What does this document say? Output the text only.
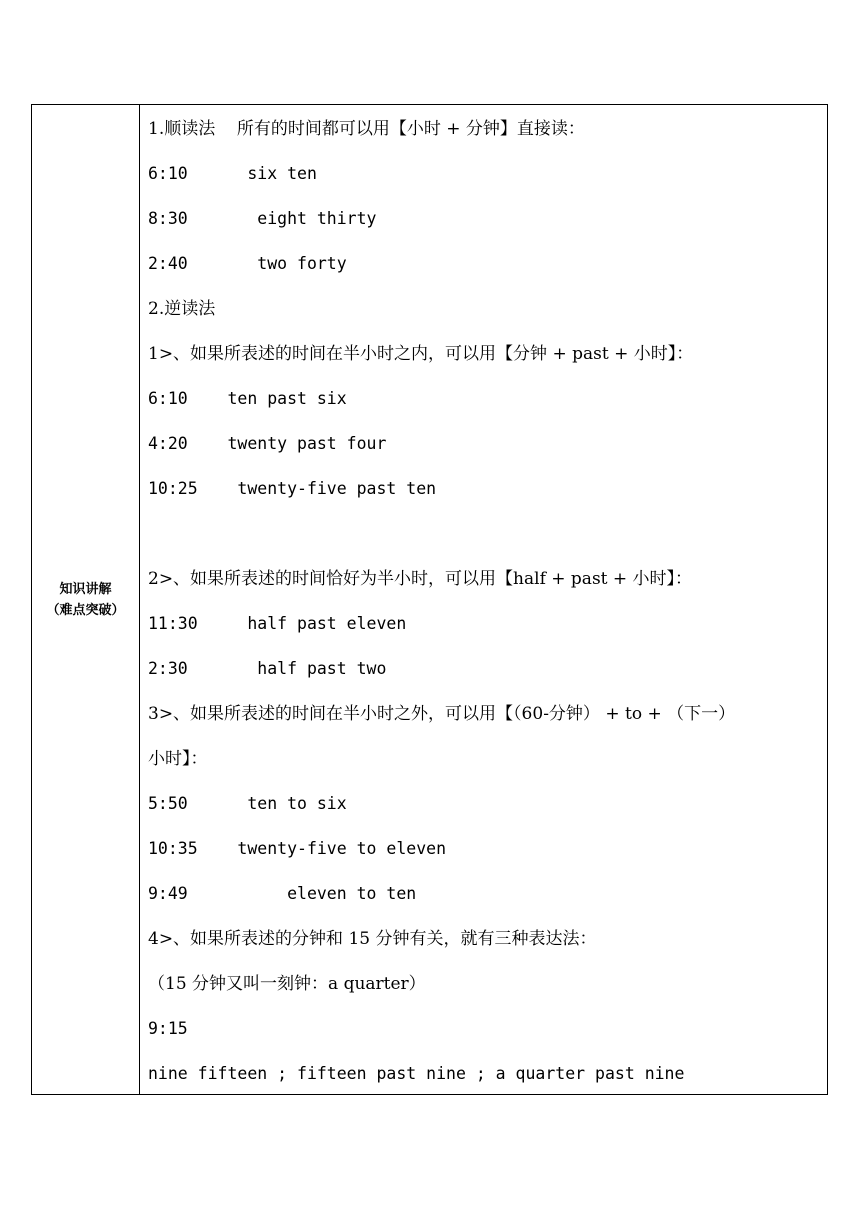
知识讲解
（难点突破）
1.顺读法    所有的时间都可以用【小时 + 分钟】直接读：
6:10      six ten
8:30       eight thirty
2:40       two forty
2.逆读法
1>、如果所表述的时间在半小时之内，可以用【分钟 + past + 小时】：
6:10    ten past six
4:20    twenty past four
10:25    twenty-five past ten
2>、如果所表述的时间恰好为半小时，可以用【half + past + 小时】：
11:30     half past eleven
2:30       half past two
3>、如果所表述的时间在半小时之外，可以用【（60-分钟） + to + （下一）
小时】：
5:50      ten to six
10:35    twenty-five to eleven
9:49          eleven to ten
4>、如果所表述的分钟和 15 分钟有关，就有三种表达法：
（15 分钟又叫一刻钟：a quarter）
9:15
nine fifteen ; fifteen past nine ; a quarter past nine
